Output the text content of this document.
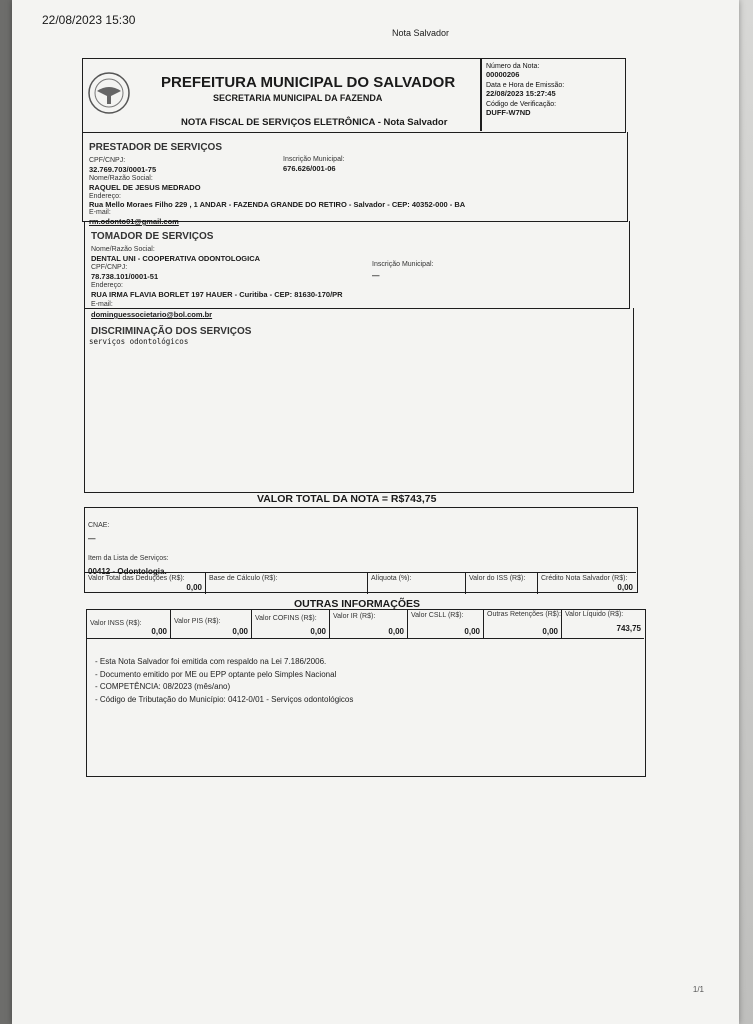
22/08/2023 15:30
Nota Salvador
PREFEITURA MUNICIPAL DO SALVADOR
SECRETARIA MUNICIPAL DA FAZENDA
NOTA FISCAL DE SERVIÇOS ELETRÔNICA - Nota Salvador
Número da Nota:
00000206
Data e Hora de Emissão:
22/08/2023 15:27:45
Código de Verificação:
DUFF-W7ND
PRESTADOR DE SERVIÇOS
CPF/CNPJ:
32.769.703/0001-75
Inscrição Municipal:
676.626/001-06
Nome/Razão Social:
RAQUEL DE JESUS MEDRADO
Endereço:
Rua Mello Moraes Filho 229 , 1 ANDAR - FAZENDA GRANDE DO RETIRO - Salvador - CEP: 40352-000 - BA
E-mail:
rm.odonto01@gmail.com
TOMADOR DE SERVIÇOS
Nome/Razão Social:
DENTAL UNI - COOPERATIVA ODONTOLOGICA
CPF/CNPJ:
78.738.101/0001-51
Inscrição Municipal:
—
Endereço:
RUA IRMA FLAVIA BORLET 197 HAUER - Curitiba - CEP: 81630-170/PR
E-mail:
dominguessocietario@bol.com.br
DISCRIMINAÇÃO DOS SERVIÇOS
serviços odontológicos
VALOR TOTAL DA NOTA = R$743,75
CNAE:
—
Item da Lista de Serviços:
00412 - Odontologia.
Valor Total das Deduções (R$):
0,00
Base de Cálculo (R$):	Alíquota (%):	Valor do ISS (R$): Crédito Nota Salvador (R$):
0,00
OUTRAS INFORMAÇÕES
Valor INSS (R$):
0,00
Valor PIS (R$):
0,00
Valor COFINS (R$):
0,00
Valor IR (R$):
0,00
Valor CSLL (R$):
0,00
Outras Retenções (R$):
0,00
Valor Líquido (R$):
743,75
- Esta Nota Salvador foi emitida com respaldo na Lei 7.186/2006.
- Documento emitido por ME ou EPP optante pelo Simples Nacional
- COMPETÊNCIA: 08/2023 (mês/ano)
- Código de Tributação do Município: 0412-0/01 - Serviços odontológicos
1/1
